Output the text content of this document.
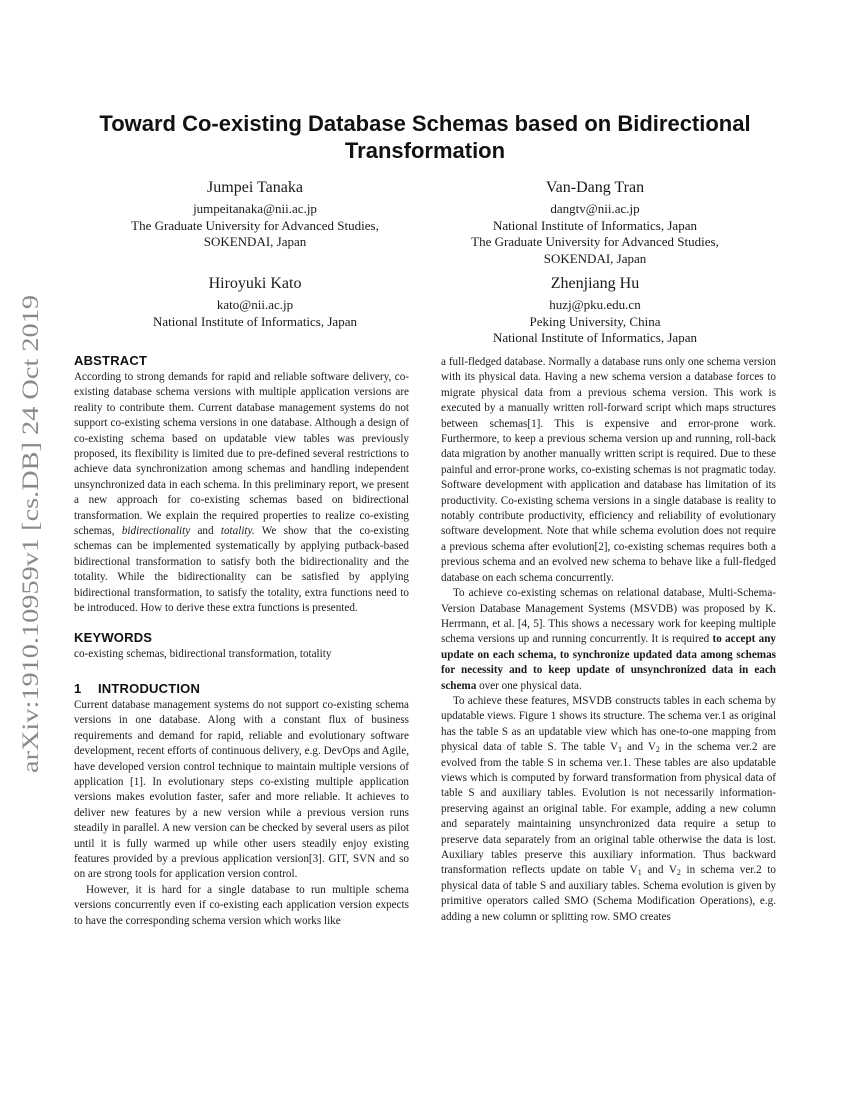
arXiv:1910.10959v1 [cs.DB] 24 Oct 2019
Toward Co-existing Database Schemas based on Bidirectional
Transformation
Jumpei Tanaka
jumpeitanaka@nii.ac.jp
The Graduate University for Advanced Studies,
SOKENDAI, Japan
Van-Dang Tran
dangtv@nii.ac.jp
National Institute of Informatics, Japan
The Graduate University for Advanced Studies,
SOKENDAI, Japan
Hiroyuki Kato
kato@nii.ac.jp
National Institute of Informatics, Japan
Zhenjiang Hu
huzj@pku.edu.cn
Peking University, China
National Institute of Informatics, Japan
ABSTRACT

According to strong demands for rapid and reliable software delivery, co-existing database schema versions with multiple application versions are reality to contribute them. Current database management systems do not support co-existing schema versions in one database. Although a design of co-existing schema based on updatable view tables was previously proposed, its flexibility is limited due to pre-defined several restrictions to achieve data synchronization among schemas and handling independent unsynchronized data in each schema. In this preliminary report, we present a new approach for co-existing schemas based on bidirectional transformation. We explain the required properties to realize co-existing schemas, bidirectionality and totality. We show that the co-existing schemas can be implemented systematically by applying putback-based bidirectional transformation to satisfy both the bidirectionality and the totality. While the bidirectionality can be satisfied by applying bidirectional transformation, to satisfy the totality, extra functions need to be introduced. How to derive these extra functions is presented.

KEYWORDS

co-existing schemas, bidirectional transformation, totality

1 INTRODUCTION

Current database management systems do not support co-existing schema versions in one database. Along with a constant flux of business requirements and demand for rapid, reliable and evolutionary software development, recent efforts of continuous delivery, e.g. DevOps and Agile, have developed version control technique to maintain multiple versions of application [1]. In evolutionary steps co-existing multiple application versions makes evolution faster, safer and more reliable. It achieves to deliver new features by a new version while a previous version runs steadily in parallel. A new version can be checked by several users as pilot until it is fully warmed up while other users steadily enjoy existing features provided by a previous application version[3]. GIT, SVN and so on are strong tools for application version control.

However, it is hard for a single database to run multiple schema versions concurrently even if co-existing each application version expects to have the corresponding schema version which works like

a full-fledged database. Normally a database runs only one schema version with its physical data. Having a new schema version a database forces to migrate physical data from a previous schema version. This work is executed by a manually written roll-forward script which maps structures between schemas[1]. This is expensive and error-prone work. Furthermore, to keep a previous schema version up and running, roll-back data migration by another manually written script is required. Due to these painful and error-prone works, co-existing schemas is not pragmatic today. Software development with application and database has limitation of its productivity. Co-existing schema versions in a single database is reality to notably contribute productivity, efficiency and reliability of evolutionary software development. Note that while schema evolution does not require a previous schema after evolution[2], co-existing schemas requires both a previous schema and an evolved new schema to behave like a full-fledged database on each schema concurrently.

To achieve co-existing schemas on relational database, Multi-Schema-Version Database Management Systems (MSVDB) was proposed by K. Herrmann, et al. [4, 5]. This shows a necessary work for keeping multiple schema versions up and running concurrently. It is required to accept any update on each schema, to synchronize updated data among schemas for necessity and to keep update of unsynchronized data in each schema over one physical data.

To achieve these features, MSVDB constructs tables in each schema by updatable views. Figure 1 shows its structure. The schema ver.1 as original has the table S as an updatable view which has one-to-one mapping from physical data of table S. The table $V_1$ and $V_2$ in the schema ver.2 are evolved from the table S in schema ver.1. These tables are also updatable views which is computed by forward transformation from physical data of table S and auxiliary tables. Evolution is not necessarily information-preserving against an original table. For example, adding a new column and separately maintaining unsynchronized data require a setup to preserve data separately from an original table otherwise the data is lost. Auxiliary tables preserve this auxiliary information. Thus backward transformation reflects update on table $V_1$ and $V_2$ in schema ver.2 to physical data of table S and auxiliary tables. Schema evolution is given by primitive operators called SMO (Schema Modification Operations), e.g. adding a new column or splitting row. SMO creates
